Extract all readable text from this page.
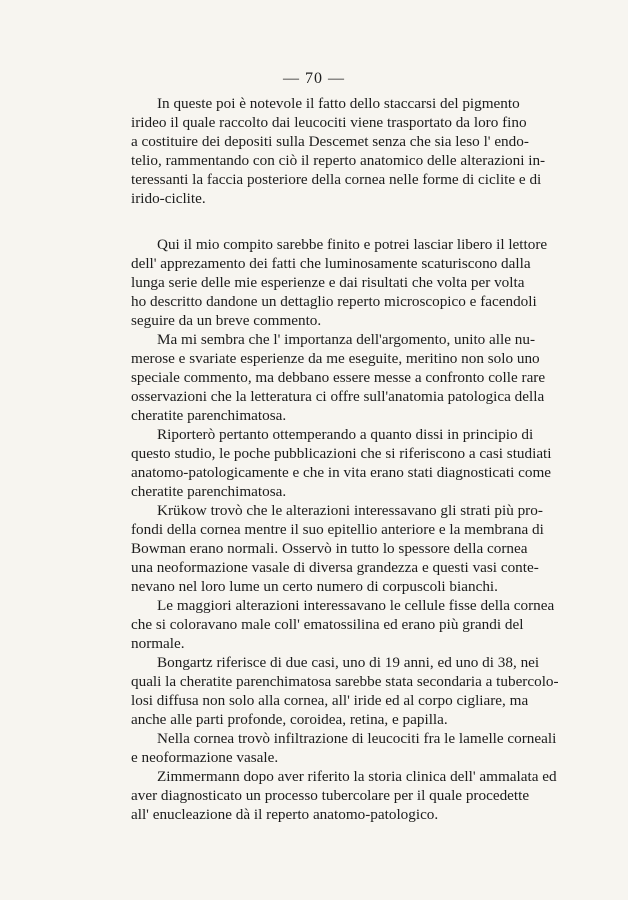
— 70 —

In queste poi è notevole il fatto dello staccarsi del pigmento
irideo il quale raccolto dai leucociti viene trasportato da loro fino
a costituire dei depositi sulla Descemet senza che sia leso l' endo-
telio, rammentando con ciò il reperto anatomico delle alterazioni in-
teressanti la faccia posteriore della cornea nelle forme di ciclite e di
irido-ciclite.

Qui il mio compito sarebbe finito e potrei lasciar libero il lettore
dell' apprezamento dei fatti che luminosamente scaturiscono dalla
lunga serie delle mie esperienze e dai risultati che volta per volta
ho descritto dandone un dettaglio reperto microscopico e facendoli
seguire da un breve commento.

Ma mi sembra che l' importanza dell'argomento, unito alle nu-
merose e svariate esperienze da me eseguite, meritino non solo uno
speciale commento, ma debbano essere messe a confronto colle rare
osservazioni che la letteratura ci offre sull'anatomia patologica della
cheratite parenchimatosa.

Riporterò pertanto ottemperando a quanto dissi in principio di
questo studio, le poche pubblicazioni che si riferiscono a casi studiati
anatomo-patologicamente e che in vita erano stati diagnosticati come
cheratite parenchimatosa.

Krükow trovò che le alterazioni interessavano gli strati più pro-
fondi della cornea mentre il suo epitellio anteriore e la membrana di
Bowman erano normali. Osservò in tutto lo spessore della cornea
una neoformazione vasale di diversa grandezza e questi vasi conte-
nevano nel loro lume un certo numero di corpuscoli bianchi.

Le maggiori alterazioni interessavano le cellule fisse della cornea
che si coloravano male coll' ematossilina ed erano più grandi del
normale.

Bongartz riferisce di due casi, uno di 19 anni, ed uno di 38, nei
quali la cheratite parenchimatosa sarebbe stata secondaria a tubercolo-
losi diffusa non solo alla cornea, all' iride ed al corpo cigliare, ma
anche alle parti profonde, coroidea, retina, e papilla.

Nella cornea trovò infiltrazione di leucociti fra le lamelle corneali
e neoformazione vasale.

Zimmermann dopo aver riferito la storia clinica dell' ammalata ed
aver diagnosticato un processo tubercolare per il quale procedette
all' enucleazione dà il reperto anatomo-patologico.
